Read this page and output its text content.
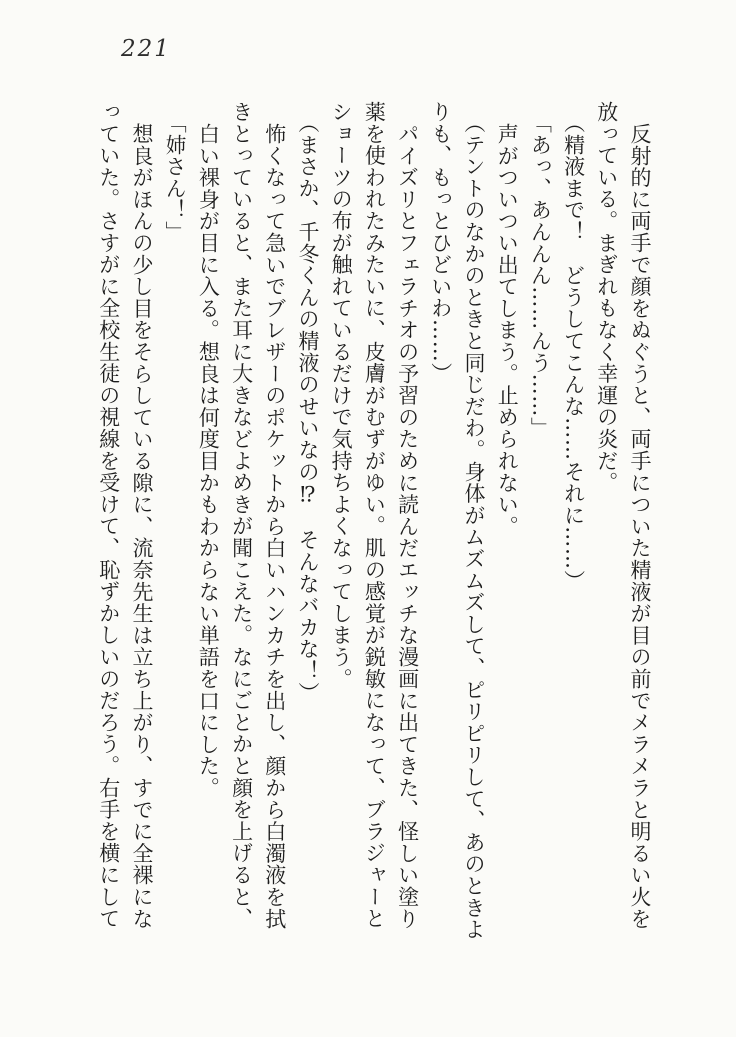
221

反射的に両手で顔をぬぐうと、両手についた精液が目の前でメラメラと明るい火を

放っている。まぎれもなく幸運の炎だ。

（精液まで！　どうしてこんな……それに……）

「あっ、あんんん……んう……」

声がついつい出てしまう。止められない。

（テントのなかのときと同じだわ。身体がムズムズして、ピリピリして、あのときよ

りも、もっとひどいわ……）

パイズリとフェラチオの予習のために読んだエッチな漫画に出てきた、怪しい塗り

薬を使われたみたいに、皮膚がむずがゆい。肌の感覚が鋭敏になって、ブラジャーと

ショーツの布が触れているだけで気持ちよくなってしまう。

（まさか、千冬くんの精液のせいなの⁉　そんなバカな！）

怖くなって急いでブレザーのポケットから白いハンカチを出し、顔から白濁液を拭

きとっていると、また耳に大きなどよめきが聞こえた。なにごとかと顔を上げると、

白い裸身が目に入る。想良は何度目かもわからない単語を口にした。

「姉さん！」

想良がほんの少し目をそらしている隙に、流奈先生は立ち上がり、すでに全裸にな

っていた。さすがに全校生徒の視線を受けて、恥ずかしいのだろう。右手を横にして
